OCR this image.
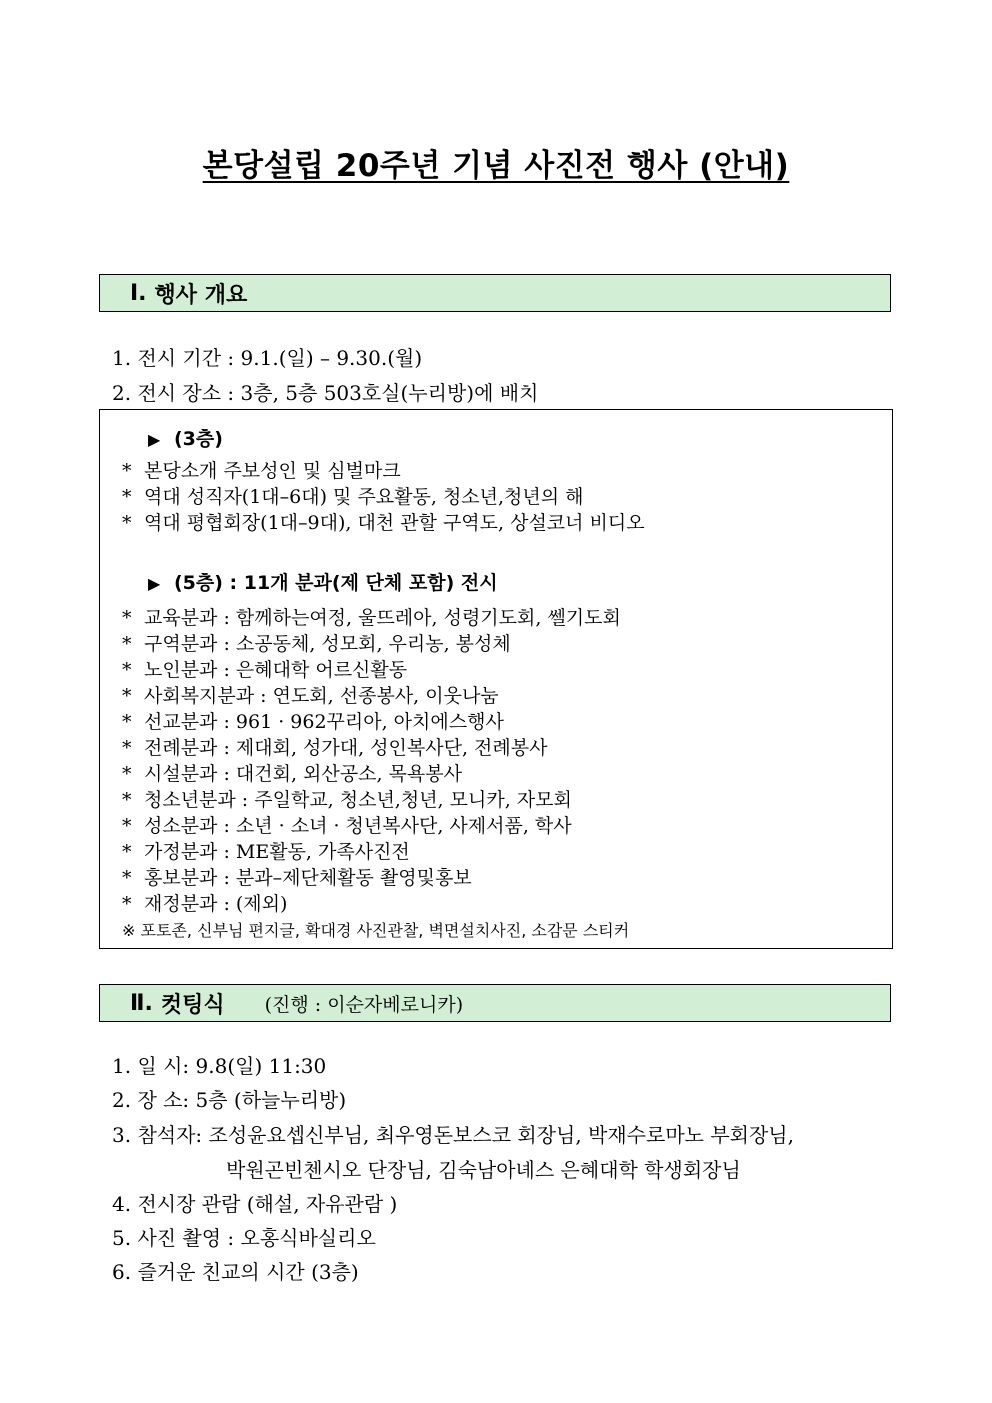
본당설립 20주년 기념 사진전 행사 (안내)
Ⅰ. 행사 개요
1. 전시 기간 : 9.1.(일) – 9.30.(월)
2. 전시 장소 : 3층, 5층 503호실(누리방)에 배치
▶ (3층)
* 본당소개 주보성인 및 심벌마크
* 역대 성직자(1대–6대) 및 주요활동, 청소년,청년의 해
* 역대 평협회장(1대–9대), 대천 관할 구역도, 상설코너 비디오
▶ (5층) : 11개 분과(제 단체 포함) 전시
* 교육분과 : 함께하는여정, 울뜨레아, 성령기도회, 쎌기도회
* 구역분과 : 소공동체, 성모회, 우리농, 봉성체
* 노인분과 : 은혜대학 어르신활동
* 사회복지분과 : 연도회, 선종봉사, 이웃나눔
* 선교분과 : 961 · 962꾸리아, 아치에스행사
* 전례분과 : 제대회, 성가대, 성인복사단, 전례봉사
* 시설분과 : 대건회, 외산공소, 목욕봉사
* 청소년분과 : 주일학교, 청소년,청년, 모니카, 자모회
* 성소분과 : 소년 · 소녀 · 청년복사단, 사제서품, 학사
* 가정분과 : ME활동, 가족사진전
* 홍보분과 : 분과–제단체활동 촬영및홍보
* 재정분과 : (제외)
※ 포토존, 신부님 편지글, 확대경 사진관찰, 벽면설치사진, 소감문 스티커
Ⅱ. 컷팅식 (진행 : 이순자베로니카)
1. 일 시: 9.8(일) 11:30
2. 장 소: 5층 (하늘누리방)
3. 참석자: 조성윤요셉신부님, 최우영돈보스코 회장님, 박재수로마노 부회장님,
박원곤빈첸시오 단장님, 김숙남아녜스 은혜대학 학생회장님
4. 전시장 관람 (해설, 자유관람 )
5. 사진 촬영 : 오홍식바실리오
6. 즐거운 친교의 시간 (3층)
